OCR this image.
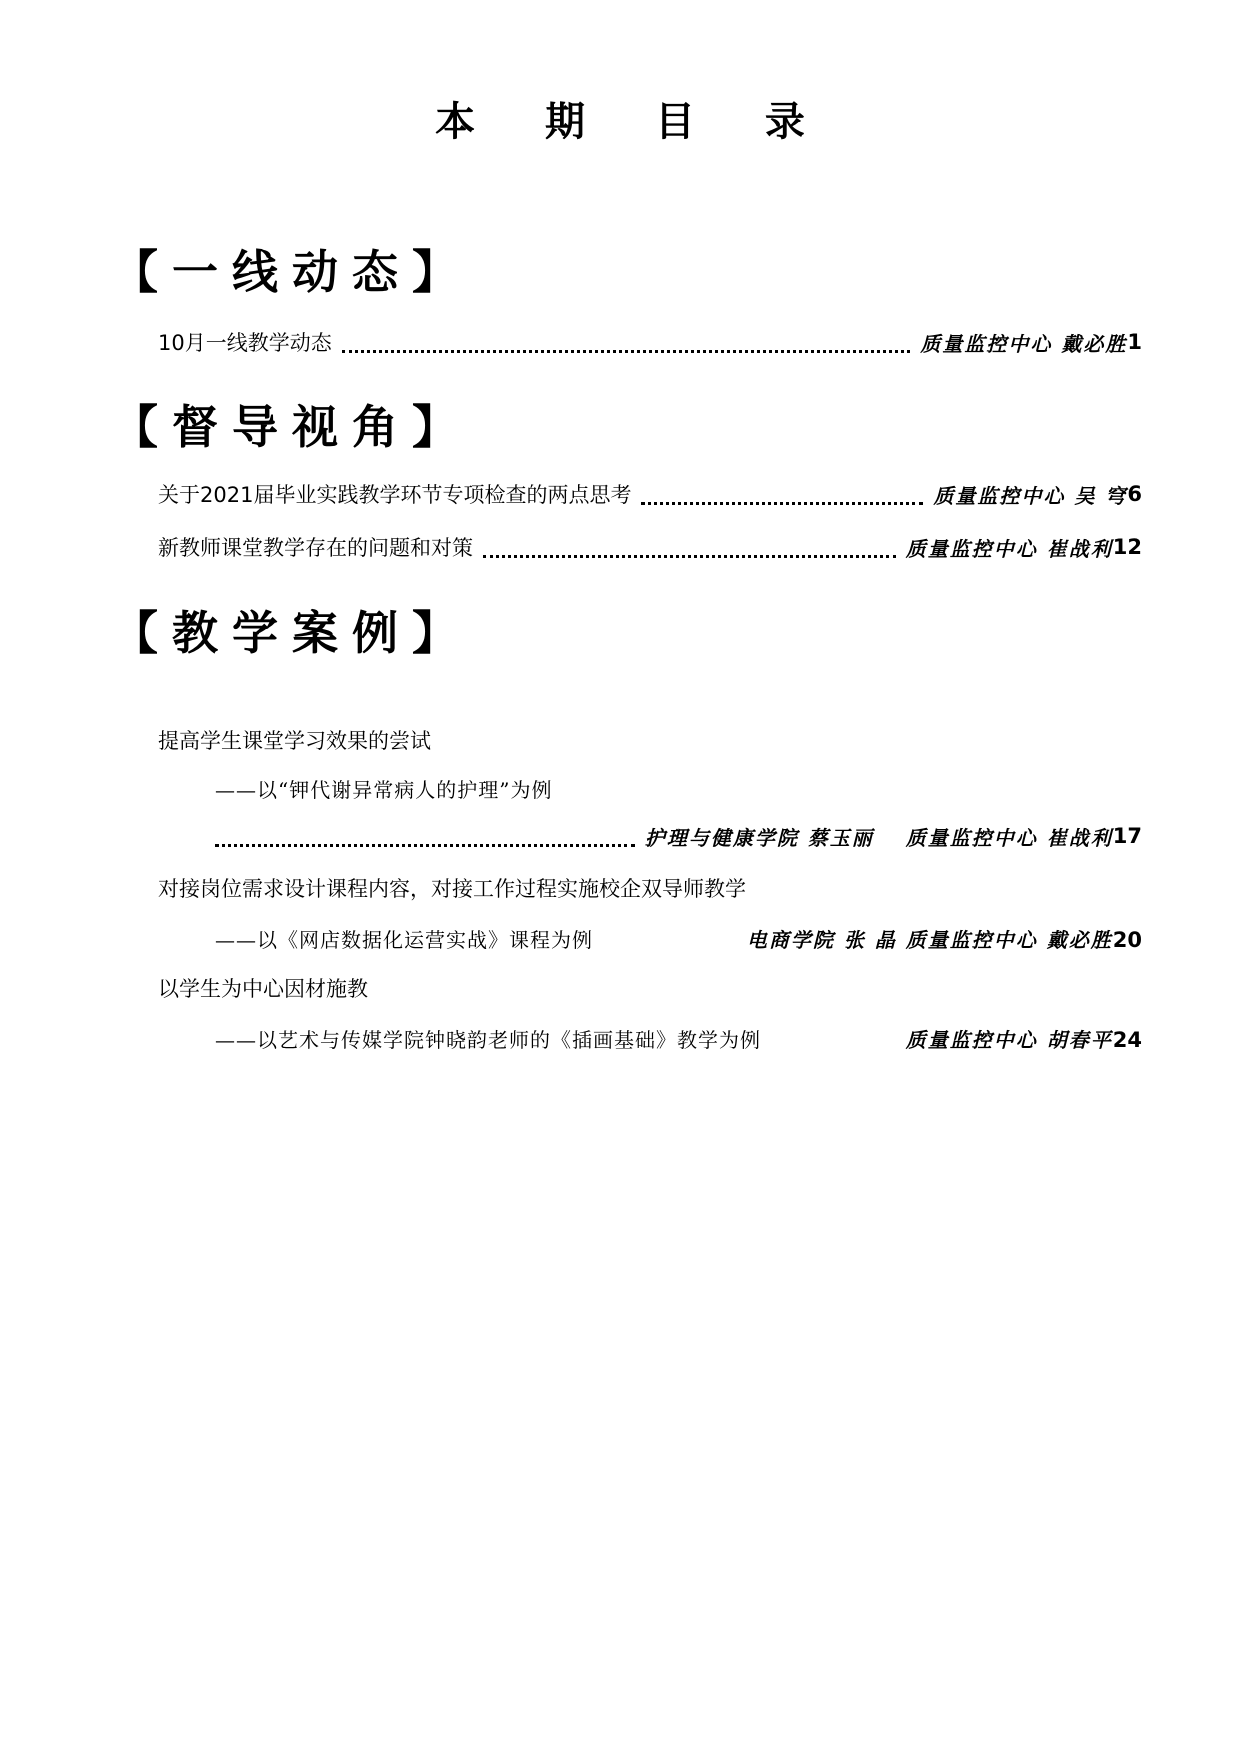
本 期 目 录
【一线动态】
10月一线教学动态	质量监控中心 戴必胜 1
【督导视角】
关于2021届毕业实践教学环节专项检查的两点思考	质量监控中心 吴 穹 6
新教师课堂教学存在的问题和对策	质量监控中心 崔战利 12
【教学案例】
提高学生课堂学习效果的尝试
——以“钾代谢异常病人的护理”为例
护理与健康学院 蔡玉丽 质量监控中心 崔战利 17
对接岗位需求设计课程内容，对接工作过程实施校企双导师教学
——以《网店数据化运营实战》课程为例	电商学院 张 晶 质量监控中心 戴必胜20
以学生为中心因材施教
——以艺术与传媒学院钟晓韵老师的《插画基础》教学为例	质量监控中心 胡春平24
